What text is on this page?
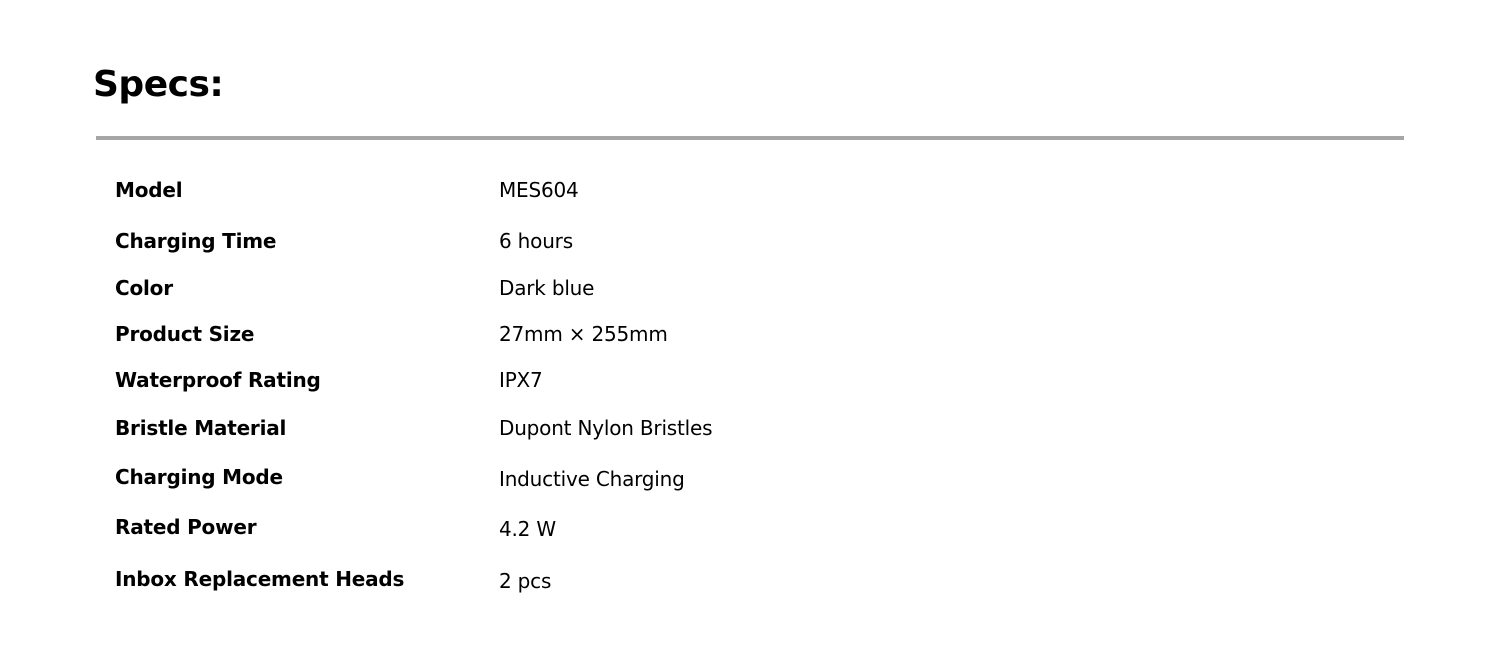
Specs:
Model	MES604
Charging Time	6 hours
Color	Dark blue
Product Size	27mm × 255mm
Waterproof Rating	IPX7
Bristle Material	Dupont Nylon Bristles
Charging Mode	Inductive Charging
Rated Power	4.2 W
Inbox Replacement Heads	2 pcs
